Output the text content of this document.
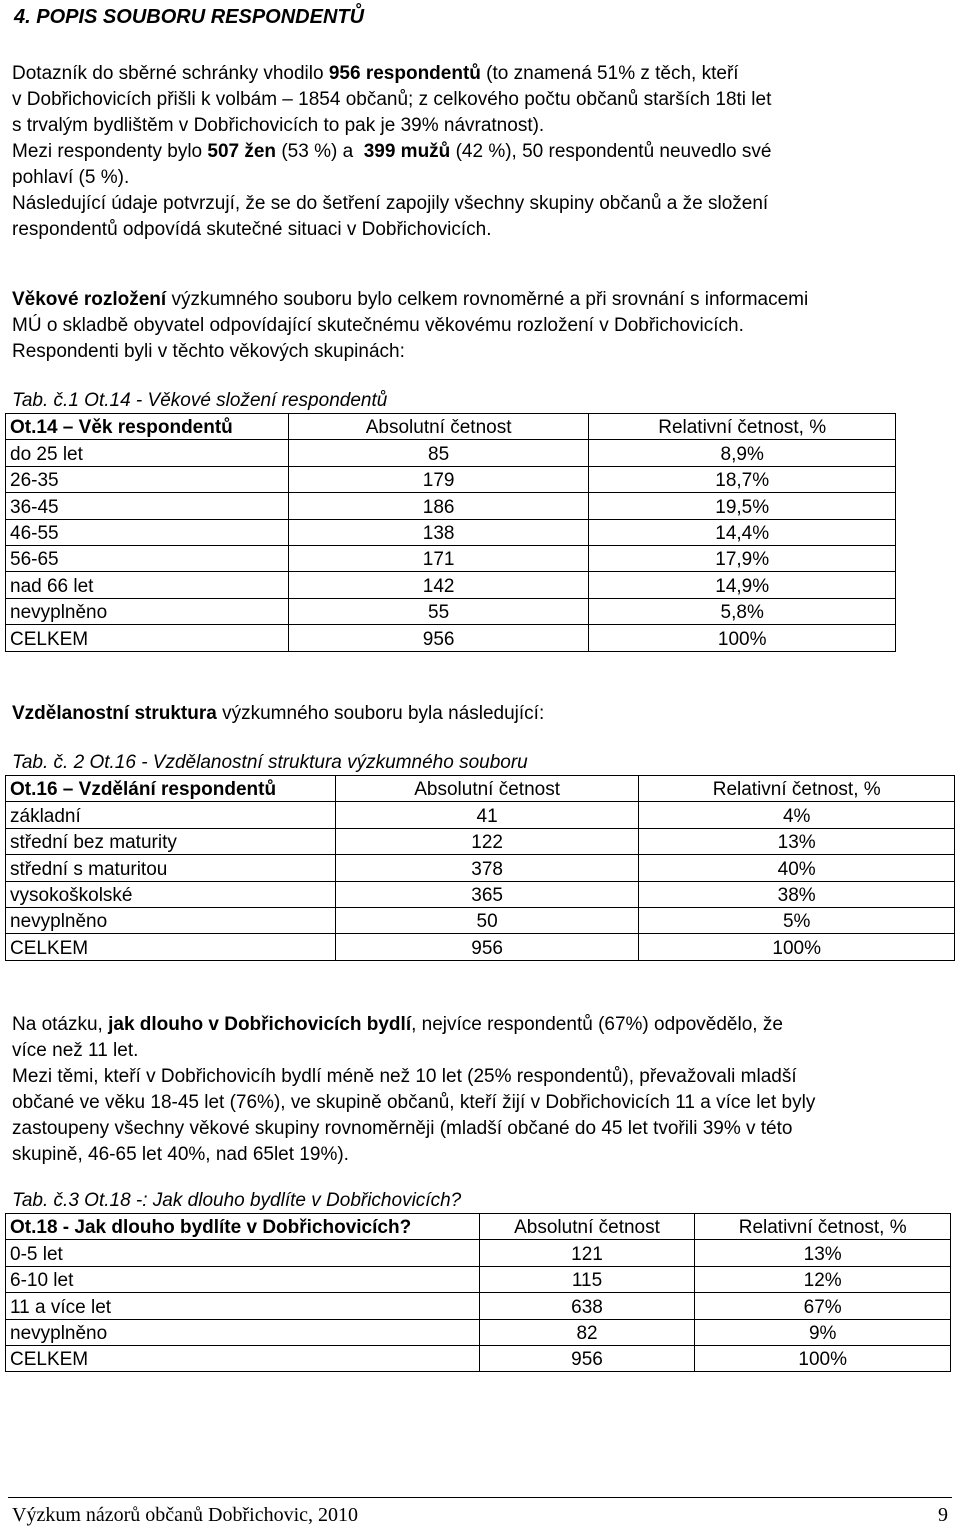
4. POPIS SOUBORU RESPONDENTŮ
Dotazník do sběrné schránky vhodilo 956 respondentů (to znamená 51% z těch, kteří
v Dobřichovicích přišli k volbám – 1854 občanů; z celkového počtu občanů starších 18ti let
s trvalým bydlištěm v Dobřichovicích to pak je 39% návratnost).
Mezi respondenty bylo 507 žen (53 %) a  399 mužů (42 %), 50 respondentů neuvedlo své
pohlaví (5 %).
Následující údaje potvrzují, že se do šetření zapojily všechny skupiny občanů a že složení
respondentů odpovídá skutečné situaci v Dobřichovicích.
Věkové rozložení výzkumného souboru bylo celkem rovnoměrné a při srovnání s informacemi
MÚ o skladbě obyvatel odpovídající skutečnému věkovému rozložení v Dobřichovicích.
Respondenti byli v těchto věkových skupinách:
Tab. č.1 Ot.14 - Věkové složení respondentů
Ot.14 – Věk respondentů	Absolutní četnost	Relativní četnost, %
do 25 let	85	8,9%
26-35	179	18,7%
36-45	186	19,5%
46-55	138	14,4%
56-65	171	17,9%
nad 66 let	142	14,9%
nevyplněno	55	5,8%
CELKEM	956	100%
Vzdělanostní struktura výzkumného souboru byla následující:
Tab. č. 2 Ot.16 - Vzdělanostní struktura výzkumného souboru
Ot.16 – Vzdělání respondentů	Absolutní četnost	Relativní četnost, %
základní	41	4%
střední bez maturity	122	13%
střední s maturitou	378	40%
vysokoškolské	365	38%
nevyplněno	50	5%
CELKEM	956	100%
Na otázku, jak dlouho v Dobřichovicích bydlí, nejvíce respondentů (67%) odpovědělo, že
více než 11 let.
Mezi těmi, kteří v Dobřichovicíh bydlí méně než 10 let (25% respondentů), převažovali mladší
občané ve věku 18-45 let (76%), ve skupině občanů, kteří žijí v Dobřichovicích 11 a více let byly
zastoupeny všechny věkové skupiny rovnoměrněji (mladší občané do 45 let tvořili 39% v této
skupině, 46-65 let 40%, nad 65let 19%).
Tab. č.3 Ot.18 -: Jak dlouho bydlíte v Dobřichovicích?
Ot.18 - Jak dlouho bydlíte v Dobřichovicích?	Absolutní četnost	Relativní četnost, %
0-5 let	121	13%
6-10 let	115	12%
11 a více let	638	67%
nevyplněno	82	9%
CELKEM	956	100%
Výzkum názorů občanů Dobřichovic, 2010	9
